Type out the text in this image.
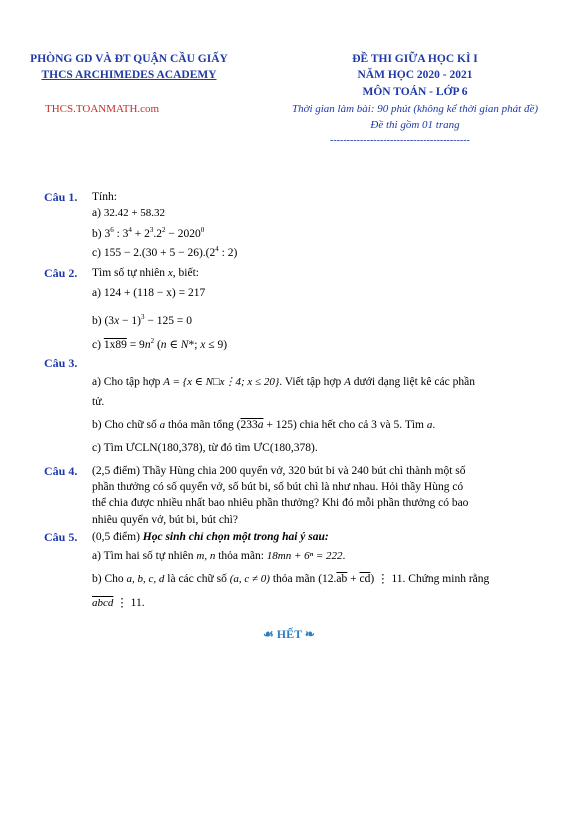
PHÒNG GD VÀ ĐT QUẬN CẦU GIẤY
THCS ARCHIMEDES ACADEMY
THCS.TOANMATH.com
ĐỀ THI GIỮA HỌC KÌ I
NĂM HỌC 2020 - 2021
MÔN TOÁN - LỚP 6
Thời gian làm bài: 90 phút (không kể thời gian phát đề)
Đề thi gồm 01 trang
------------------------------------------
Câu 1. Tính:
a) 32.42 + 58.32
b) $3^6$ : $3^4 + 2^3.2^2 - 2020^0$
c) $155 - 2.(30 + 5 - 26).(2^4$ : 2)
Câu 2. Tìm số tự nhiên x, biết:
a) 124 + (118 − x) = 217
b) $(3x - 1)^3 - 125 = 0$
c) $1x89 = 9n^2$ (n ∈ N*; x ≤ 9)
Câu 3.
a) Cho tập hợp A = {x ∈ N□x⋮4; x ≤ 20}. Viết tập hợp A dưới dạng liệt kê các phần
tử.
b) Cho chữ số a thỏa mãn tổng (233a + 125) chia hết cho cả 3 và 5. Tìm a.
c) Tìm ƯCLN(180,378), từ đó tìm ƯC(180,378).
Câu 4. (2,5 điểm) Thầy Hùng chia 200 quyển vở, 320 bút bi và 240 bút chì thành một số
phần thưởng có số quyển vở, số bút bi, số bút chì là như nhau. Hỏi thầy Hùng có
thể chia được nhiều nhất bao nhiêu phần thưởng? Khi đó mỗi phần thưởng có bao
nhiêu quyển vở, bút bi, bút chì?
Câu 5. (0,5 điểm) Học sinh chỉ chọn một trong hai ý sau:
a) Tìm hai số tự nhiên m, n thỏa mãn: 18mn + 6ⁿ = 222.
b) Cho a, b, c, d là các chữ số (a, c ≠ 0) thỏa mãn $(12.\overline{ab} + \overline{cd})$ ⋮ 11. Chứng minh rằng
abcd ⋮ 11.
☙ HẾT ❧
